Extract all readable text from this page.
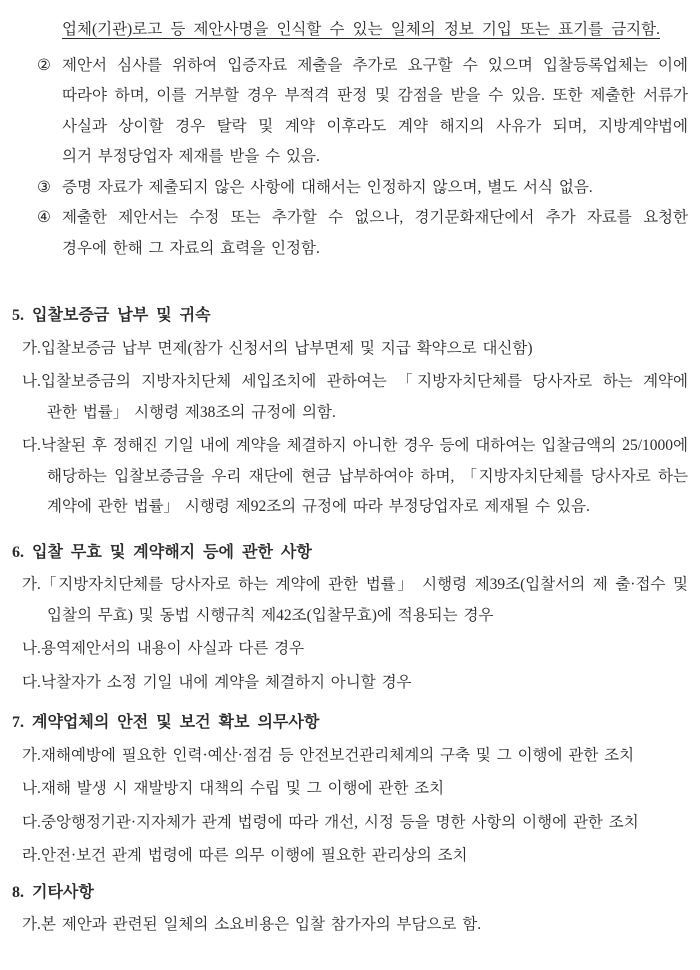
업체(기관)로고 등 제안사명을 인식할 수 있는 일체의 정보 기입 또는 표기를 금지함.
② 제안서 심사를 위하여 입증자료 제출을 추가로 요구할 수 있으며 입찰등록업체는 이에
따라야 하며, 이를 거부할 경우 부적격 판정 및 감점을 받을 수 있음. 또한 제출한 서류가
사실과 상이할 경우 탈락 및 계약 이후라도 계약 해지의 사유가 되며, 지방계약법에
의거 부정당업자 제재를 받을 수 있음.
③ 증명 자료가 제출되지 않은 사항에 대해서는 인정하지 않으며, 별도 서식 없음.
④ 제출한 제안서는 수정 또는 추가할 수 없으나, 경기문화재단에서 추가 자료를 요청한
경우에 한해 그 자료의 효력을 인정함.
5. 입찰보증금 납부 및 귀속
가. 입찰보증금 납부 면제(참가 신청서의 납부면제 및 지급 확약으로 대신함)
나. 입찰보증금의 지방자치단체 세입조치에 관하여는 「지방자치단체를 당사자로 하는 계약에
관한 법률」 시행령 제38조의 규정에 의함.
다. 낙찰된 후 정해진 기일 내에 계약을 체결하지 아니한 경우 등에 대하여는 입찰금액의 25/1000에
해당하는 입찰보증금을 우리 재단에 현금 납부하여야 하며, 「지방자치단체를 당사자로 하는
계약에 관한 법률」 시행령 제92조의 규정에 따라 부정당업자로 제재될 수 있음.
6. 입찰 무효 및 계약해지 등에 관한 사항
가. 「지방자치단체를 당사자로 하는 계약에 관한 법률」 시행령 제39조(입찰서의 제 출·접수 및
입찰의 무효) 및 동법 시행규칙 제42조(입찰무효)에 적용되는 경우
나. 용역제안서의 내용이 사실과 다른 경우
다. 낙찰자가 소정 기일 내에 계약을 체결하지 아니할 경우
7. 계약업체의 안전 및 보건 확보 의무사항
가. 재해예방에 필요한 인력·예산·점검 등 안전보건관리체계의 구축 및 그 이행에 관한 조치
나. 재해 발생 시 재발방지 대책의 수립 및 그 이행에 관한 조치
다. 중앙행정기관·지자체가 관계 법령에 따라 개선, 시정 등을 명한 사항의 이행에 관한 조치
라. 안전·보건 관계 법령에 따른 의무 이행에 필요한 관리상의 조치
8. 기타사항
가. 본 제안과 관련된 일체의 소요비용은 입찰 참가자의 부담으로 함.
